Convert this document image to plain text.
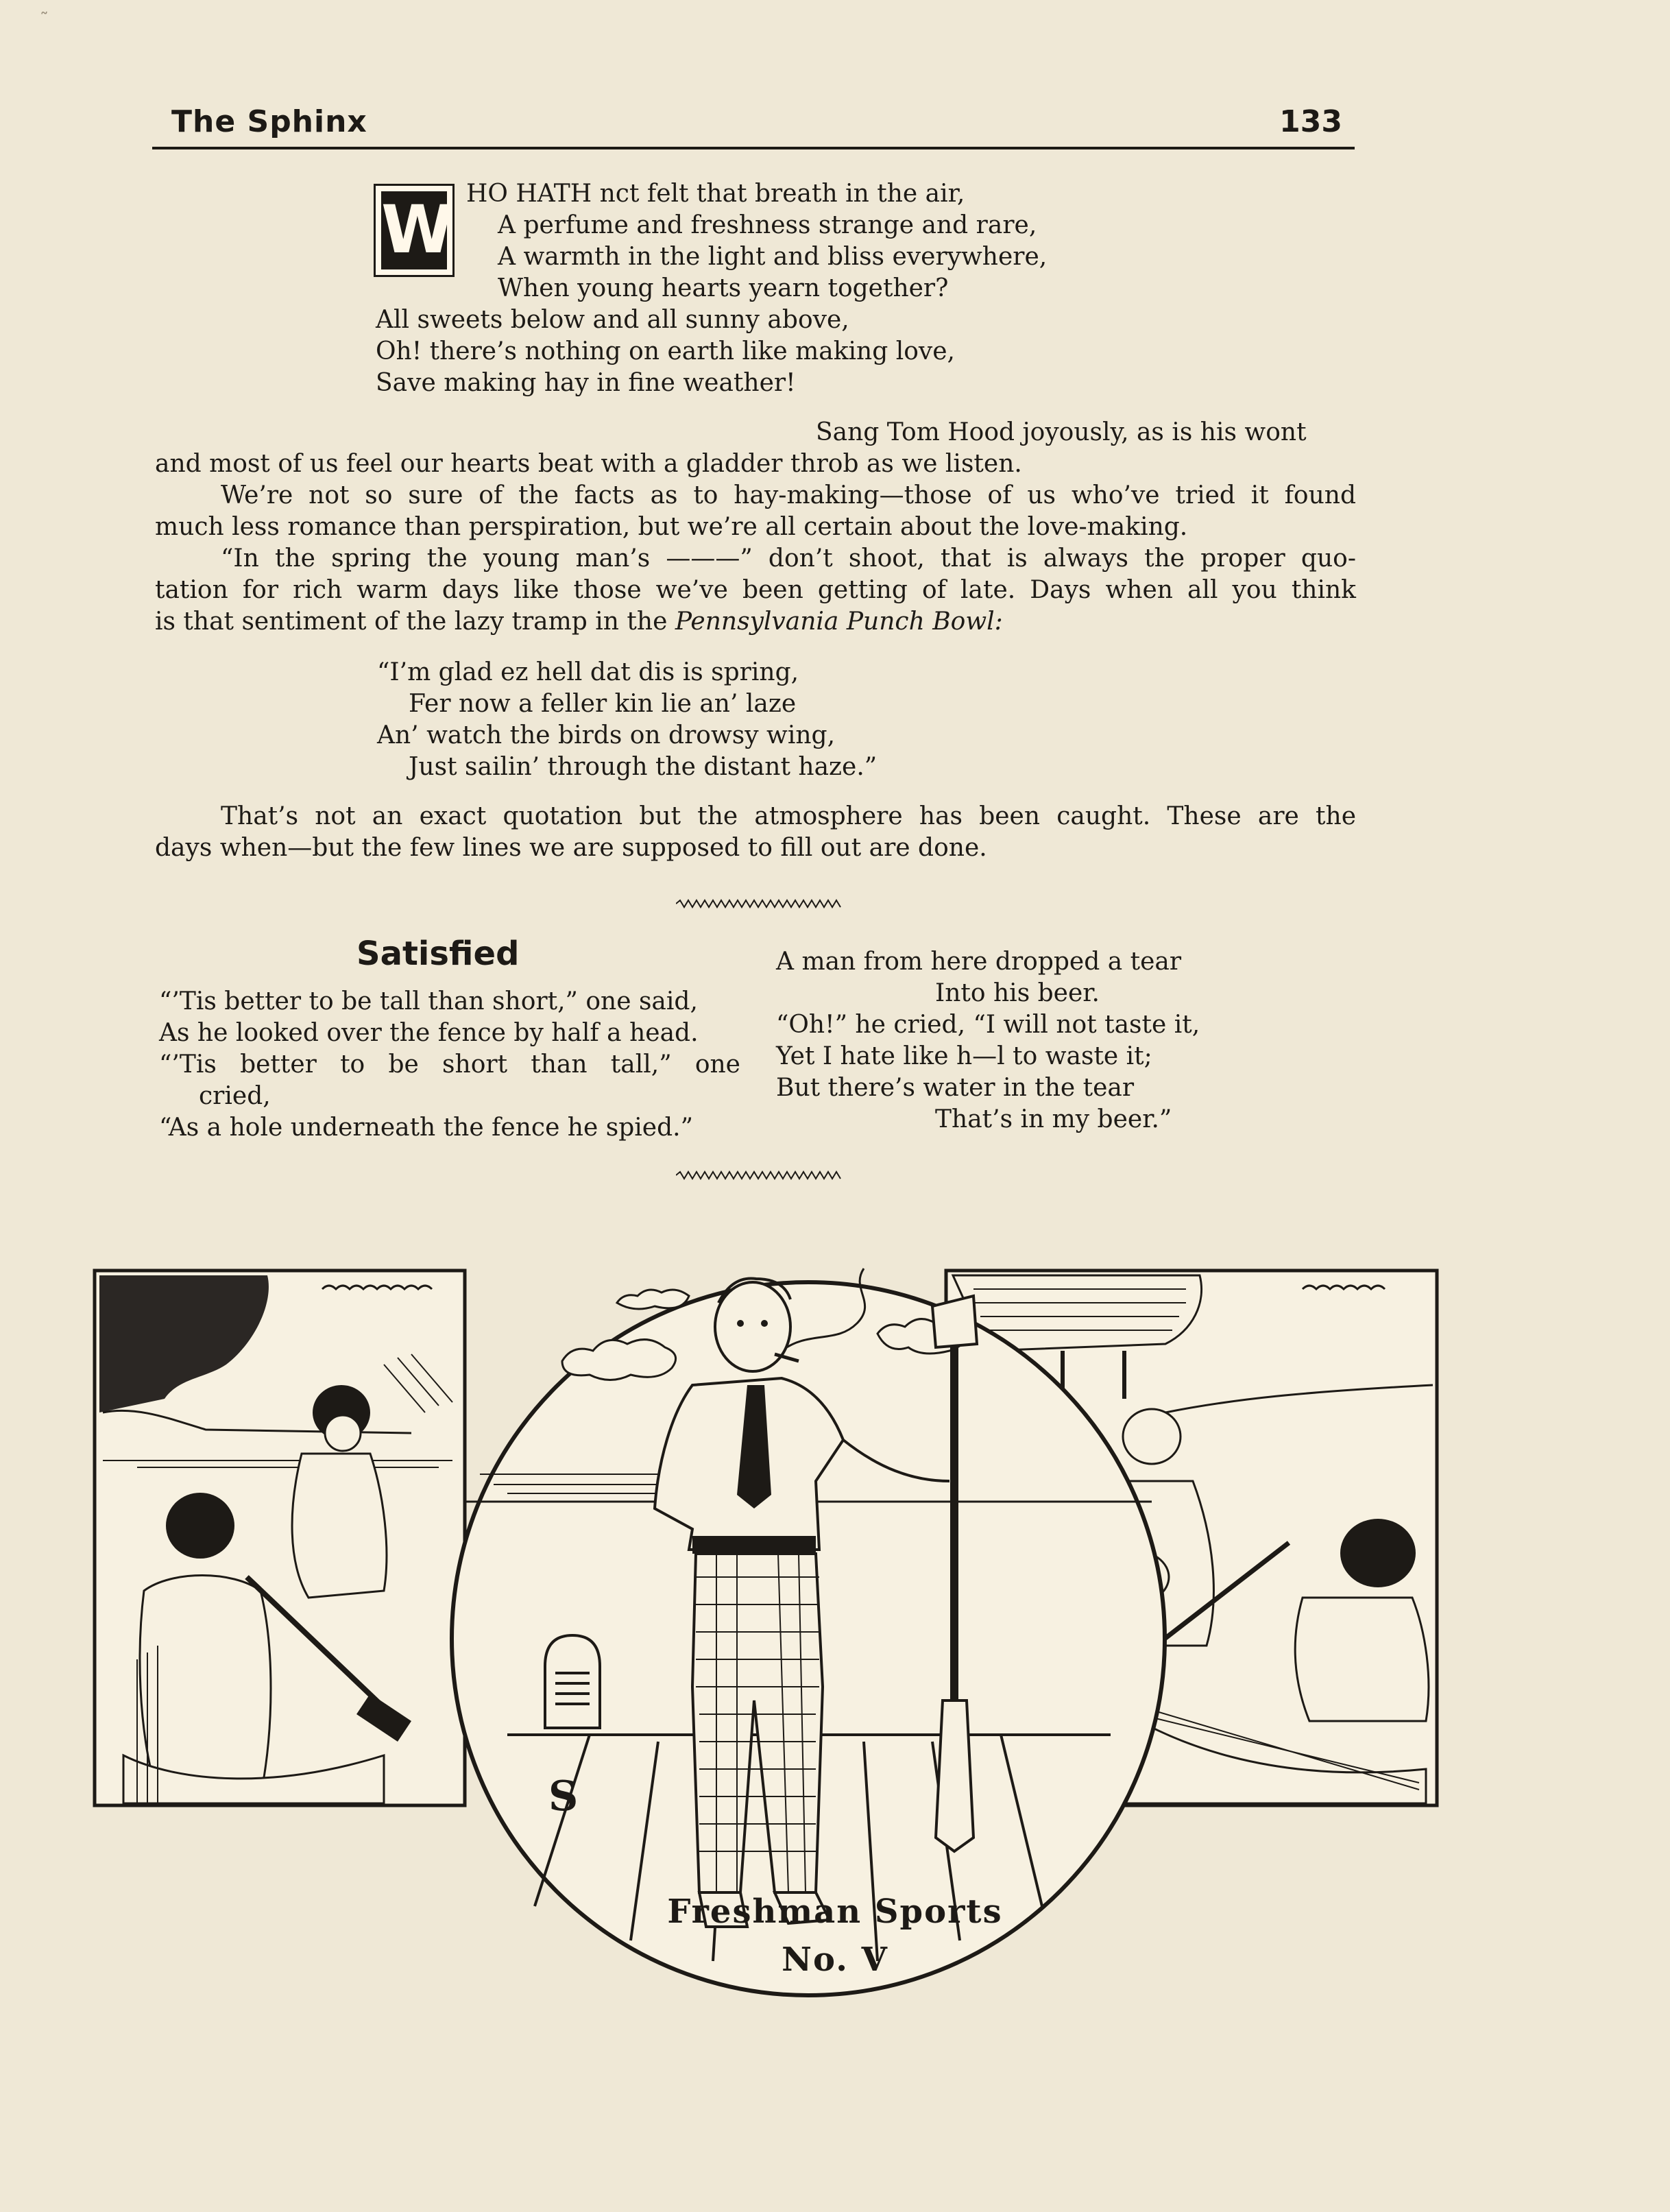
˜
The Sphinx	133
W HO HATH nct felt that breath in the air,
A perfume and freshness strange and rare,
A warmth in the light and bliss everywhere,
When young hearts yearn together?
All sweets below and all sunny above,
Oh! there’s nothing on earth like making love,
Save making hay in fine weather!
Sang Tom Hood joyously, as is his wont
and most of us feel our hearts beat with a gladder throb as we listen.
We’re not so sure of the facts as to hay-making—those of us who’ve tried it found
much less romance than perspiration, but we’re all certain about the love-making.
“In the spring the young man’s ———” don’t shoot, that is always the proper quo-
tation for rich warm days like those we’ve been getting of late. Days when all you think
is that sentiment of the lazy tramp in the Pennsylvania Punch Bowl:
“I’m glad ez hell dat dis is spring,
Fer now a feller kin lie an’ laze
An’ watch the birds on drowsy wing,
Just sailin’ through the distant haze.”
That’s not an exact quotation but the atmosphere has been caught. These are the
days when—but the few lines we are supposed to fill out are done.
Satisfied
“’Tis better to be tall than short,” one said,
As he looked over the fence by half a head.
“’Tis better to be short than tall,” one
cried,
“As a hole underneath the fence he spied.”
A man from here dropped a tear
Into his beer.
“Oh!” he cried, “I will not taste it,
Yet I hate like h—l to waste it;
But there’s water in the tear
That’s in my beer.”
S
Freshman Sports
No. V
